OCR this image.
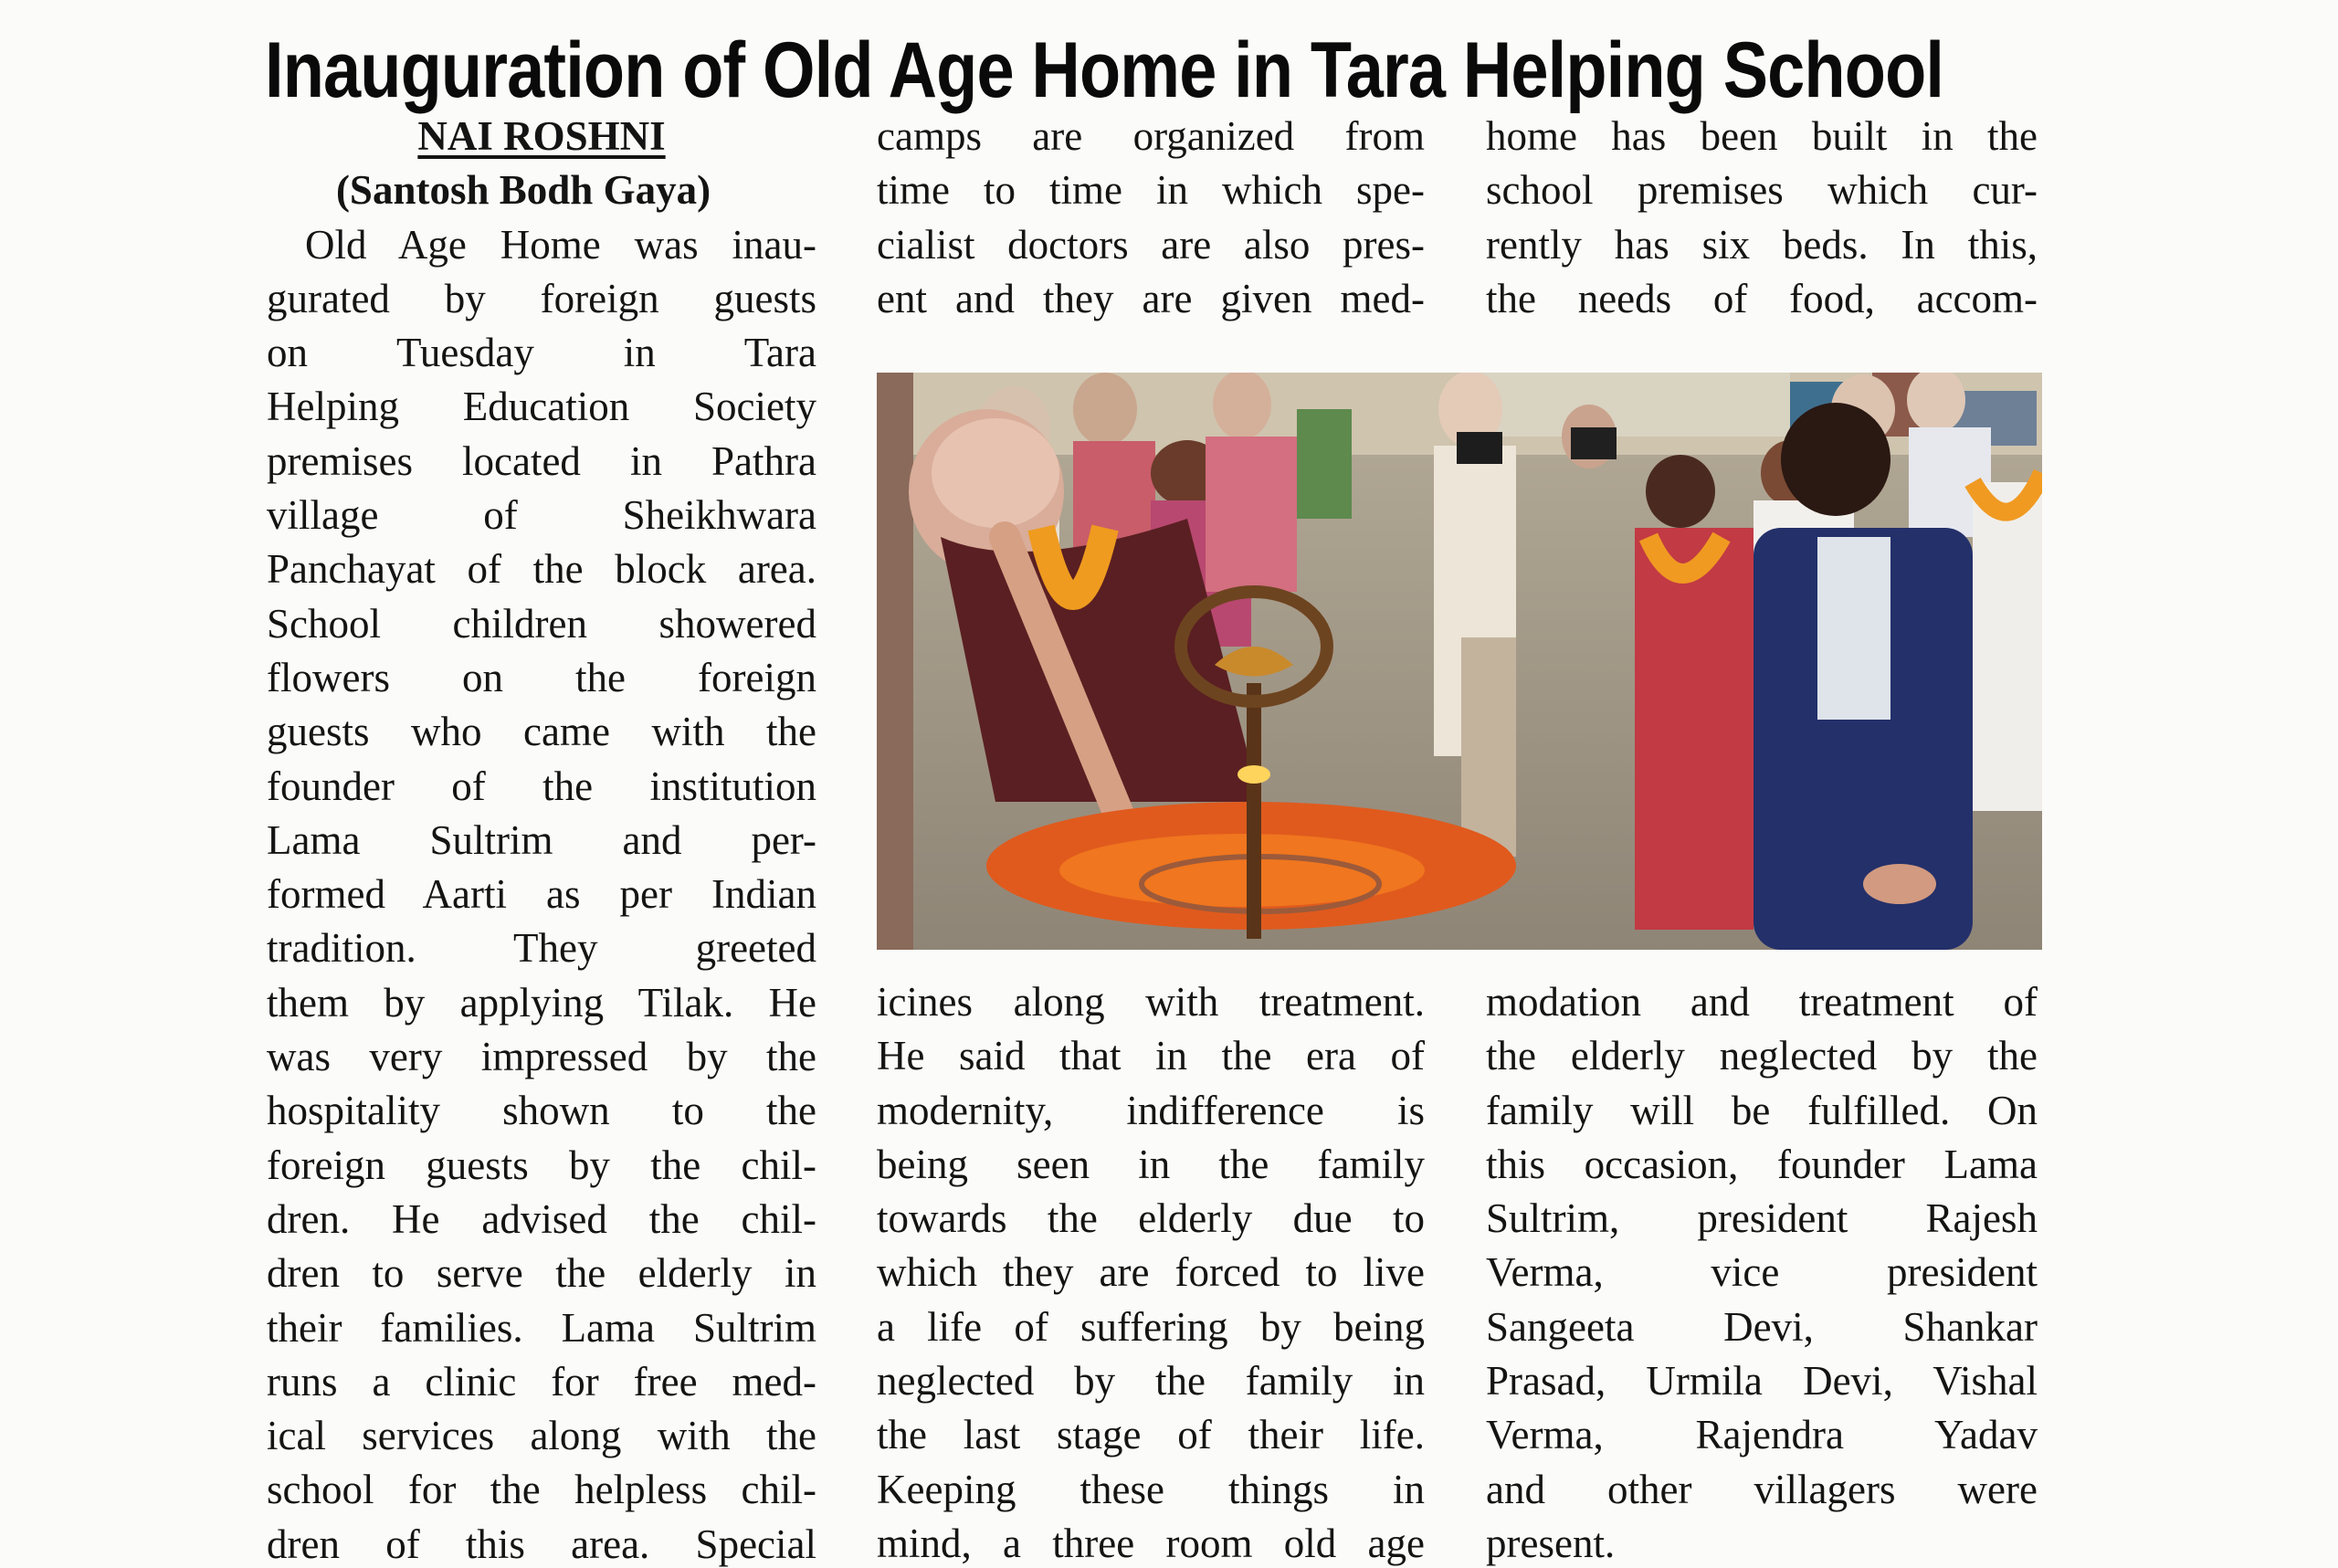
Inauguration of Old Age Home in Tara Helping School

NAI ROSHNI

(Santosh Bodh Gaya)

Old Age Home was inau-

gurated by foreign guests

on Tuesday in Tara

Helping Education Society

premises located in Pathra

village of Sheikhwara

Panchayat of the block area.

School children showered

flowers on the foreign

guests who came with the

founder of the institution

Lama Sultrim and per-

formed Aarti as per Indian

tradition. They greeted

them by applying Tilak. He

was very impressed by the

hospitality shown to the

foreign guests by the chil-

dren. He advised the chil-

dren to serve the elderly in

their families. Lama Sultrim

runs a clinic for free med-

ical services along with the

school for the helpless chil-

dren of this area. Special

camps are organized from

time to time in which spe-

cialist doctors are also pres-

ent and they are given med-

home has been built in the

school premises which cur-

rently has six beds. In this,

the needs of food, accom-

icines along with treatment.

He said that in the era of

modernity, indifference is

being seen in the family

towards the elderly due to

which they are forced to live

a life of suffering by being

neglected by the family in

the last stage of their life.

Keeping these things in

mind, a three room old age

modation and treatment of

the elderly neglected by the

family will be fulfilled. On

this occasion, founder Lama

Sultrim, president Rajesh

Verma, vice president

Sangeeta Devi, Shankar

Prasad, Urmila Devi, Vishal

Verma, Rajendra Yadav

and other villagers were

present.
